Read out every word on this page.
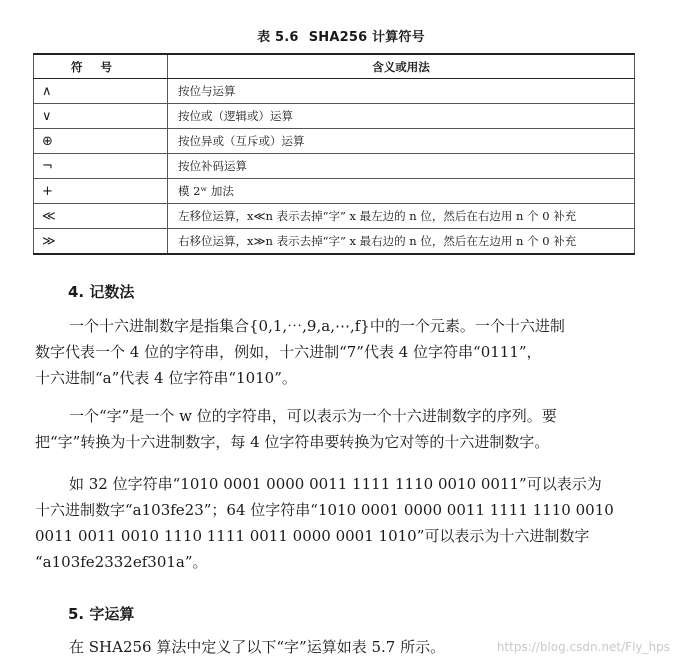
表 5.6 SHA256 计算符号
符号	含义或用法
∧	按位与运算
∨	按位或（逻辑或）运算
⊕	按位异或（互斥或）运算
¬	按位补码运算
+	模 2ʷ 加法
≪	左移位运算，x≪n 表示去掉“字” x 最左边的 n 位，然后在右边用 n 个 0 补充
≫	右移位运算，x≫n 表示去掉“字” x 最右边的 n 位，然后在左边用 n 个 0 补充
4. 记数法
一个十六进制数字是指集合{0,1,⋯,9,a,⋯,f}中的一个元素。一个十六进制
数字代表一个 4 位的字符串，例如，十六进制“7”代表 4 位字符串“0111”，
十六进制“a”代表 4 位字符串“1010”。
一个“字”是一个 w 位的字符串，可以表示为一个十六进制数字的序列。要
把“字”转换为十六进制数字，每 4 位字符串要转换为它对等的十六进制数字。
如 32 位字符串“1010 0001 0000 0011 1111 1110 0010 0011”可以表示为
十六进制数字“a103fe23”；64 位字符串“1010 0001 0000 0011 1111 1110 0010
0011 0011 0010 1110 1111 0011 0000 0001 1010”可以表示为十六进制数字
“a103fe2332ef301a”。
5. 字运算
在 SHA256 算法中定义了以下“字”运算如表 5.7 所示。	https://blog.csdn.net/Fly_hps
